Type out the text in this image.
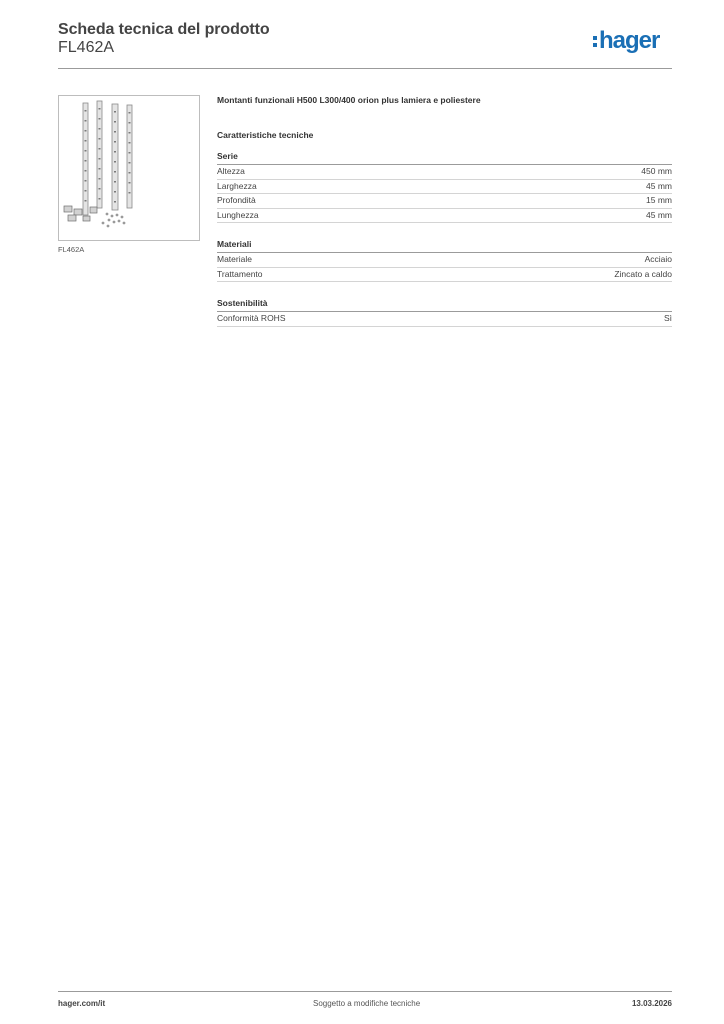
Scheda tecnica del prodotto
FL462A	hager
FL462A

Montanti funzionali H500 L300/400 orion plus lamiera e poliestere

Caratteristiche tecniche

Serie
Altezza	450 mm
Larghezza	45 mm
Profondità	15 mm
Lunghezza	45 mm
Materiali
Materiale	Acciaio
Trattamento	Zincato a caldo
Sostenibilità
Conformità ROHS	Sì
hager.com/it	Soggetto a modifiche tecniche	13.03.2026
